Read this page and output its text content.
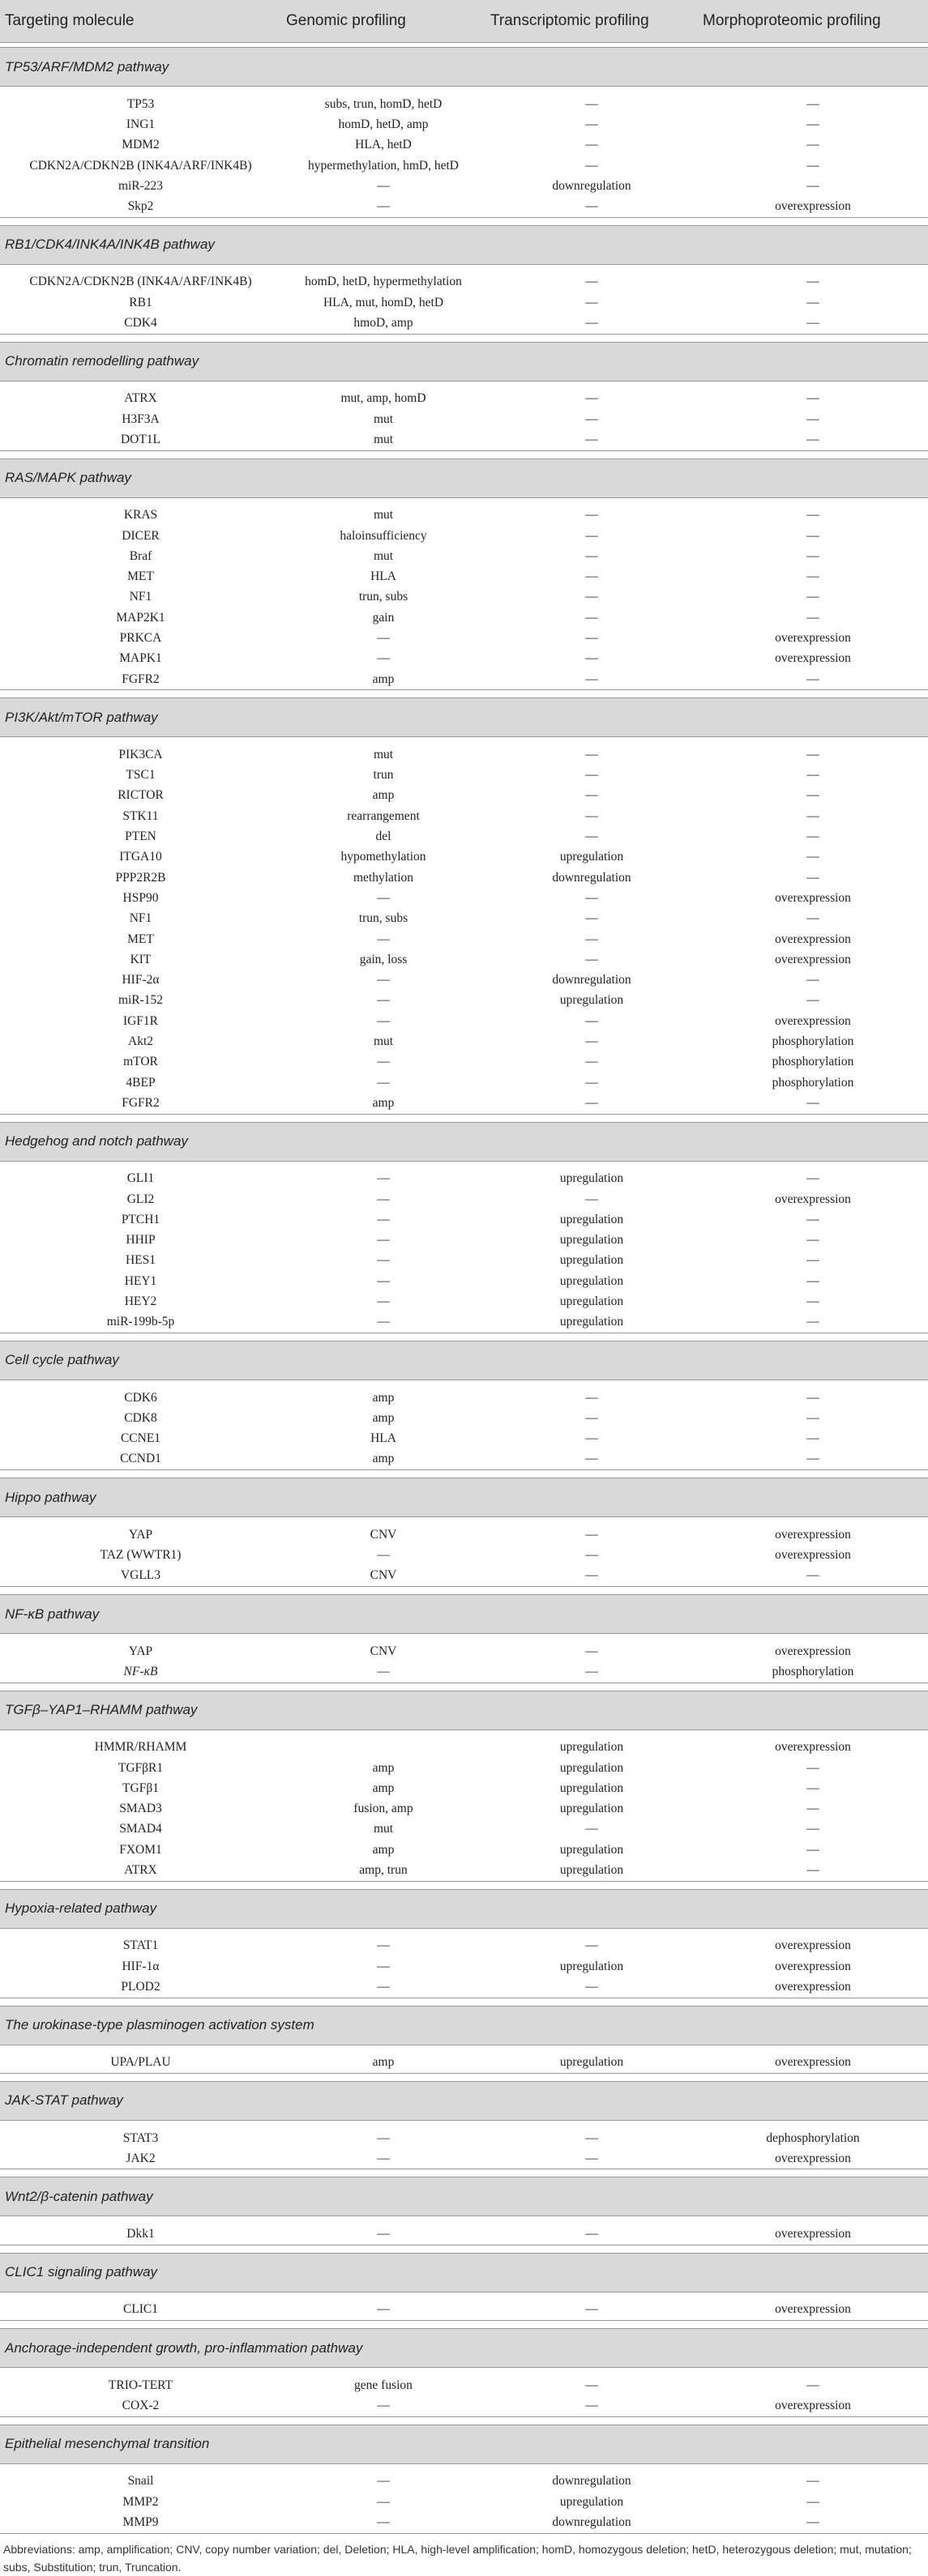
Targeting molecule	Genomic profiling	Transcriptomic profiling	Morphoproteomic profiling

TP53/ARF/MDM2 pathway			

TP53	subs, trun, homD, hetD	—	—
ING1	homD, hetD, amp	—	—
MDM2	HLA, hetD	—	—
CDKN2A/CDKN2B (INK4A/ARF/INK4B)	hypermethylation, hmD, hetD	—	—
miR-223	—	downregulation	—
Skp2	—	—	overexpression

RB1/CDK4/INK4A/INK4B pathway			

CDKN2A/CDKN2B (INK4A/ARF/INK4B)	homD, hetD, hypermethylation	—	—
RB1	HLA, mut, homD, hetD	—	—
CDK4	hmoD, amp	—	—

Chromatin remodelling pathway			

ATRX	mut, amp, homD	—	—
H3F3A	mut	—	—
DOT1L	mut	—	—

RAS/MAPK pathway			

KRAS	mut	—	—
DICER	haloinsufficiency	—	—
Braf	mut	—	—
MET	HLA	—	—
NF1	trun, subs	—	—
MAP2K1	gain	—	—
PRKCA	—	—	overexpression
MAPK1	—	—	overexpression
FGFR2	amp	—	—

PI3K/Akt/mTOR pathway			

PIK3CA	mut	—	—
TSC1	trun	—	—
RICTOR	amp	—	—
STK11	rearrangement	—	—
PTEN	del	—	—
ITGA10	hypomethylation	upregulation	—
PPP2R2B	methylation	downregulation	—
HSP90	—	—	overexpression
NF1	trun, subs	—	—
MET	—	—	overexpression
KIT	gain, loss	—	overexpression
HIF-2α	—	downregulation	—
miR-152	—	upregulation	—
IGF1R	—	—	overexpression
Akt2	mut	—	phosphorylation
mTOR	—	—	phosphorylation
4BEP	—	—	phosphorylation
FGFR2	amp	—	—

Hedgehog and notch pathway			

GLI1	—	upregulation	—
GLI2	—	—	overexpression
PTCH1	—	upregulation	—
HHIP	—	upregulation	—
HES1	—	upregulation	—
HEY1	—	upregulation	—
HEY2	—	upregulation	—
miR-199b-5p	—	upregulation	—

Cell cycle pathway			

CDK6	amp	—	—
CDK8	amp	—	—
CCNE1	HLA	—	—
CCND1	amp	—	—

Hippo pathway			

YAP	CNV	—	overexpression
TAZ (WWTR1)	—	—	overexpression
VGLL3	CNV	—	—

NF-κB pathway			

YAP	CNV	—	overexpression
NF-κB	—	—	phosphorylation

TGFβ–YAP1–RHAMM pathway			

HMMR/RHAMM		upregulation	overexpression
TGFβR1	amp	upregulation	—
TGFβ1	amp	upregulation	—
SMAD3	fusion, amp	upregulation	—
SMAD4	mut	—	—
FXOM1	amp	upregulation	—
ATRX	amp, trun	upregulation	—

Hypoxia-related pathway			

STAT1	—	—	overexpression
HIF-1α	—	upregulation	overexpression
PLOD2	—	—	overexpression

The urokinase-type plasminogen activation system			

UPA/PLAU	amp	upregulation	overexpression

JAK-STAT pathway			

STAT3	—	—	dephosphorylation
JAK2	—	—	overexpression

Wnt2/β-catenin pathway			

Dkk1	—	—	overexpression

CLIC1 signaling pathway			

CLIC1	—	—	overexpression

Anchorage-independent growth, pro-inflammation pathway			

TRIO-TERT	gene fusion	—	—
COX-2	—	—	overexpression

Epithelial mesenchymal transition			

Snail	—	downregulation	—
MMP2	—	upregulation	—
MMP9	—	downregulation	—
Abbreviations: amp, amplification; CNV, copy number variation; del, Deletion; HLA, high-level amplification; homD, homozygous deletion; hetD, heterozygous deletion; mut, mutation; subs, Substitution; trun, Truncation.
